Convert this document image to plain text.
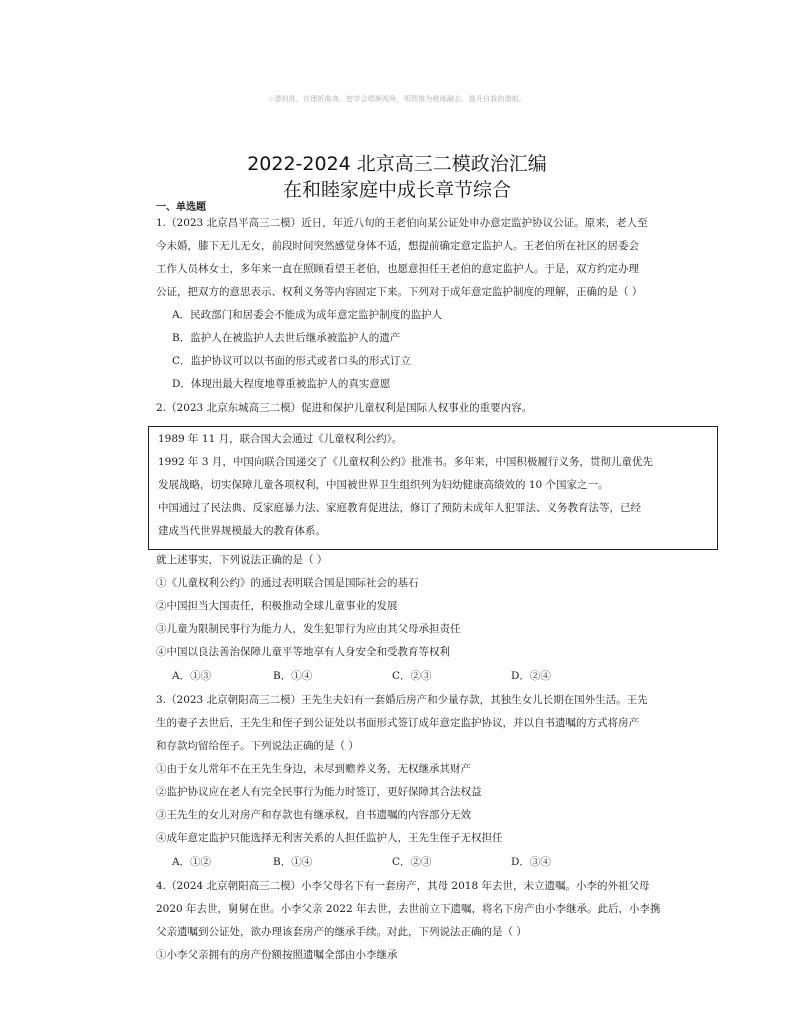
☆潜则胜，在理折曲高，密学会唱频视角，明智推为绝练融志，提升自我的潜航。
2022-2024 北京高三二模政治汇编
在和睦家庭中成长章节综合
一、单选题
1.（2023 北京昌平高三二模）近日，年近八旬的王老伯向某公证处申办意定监护协议公证。原来，老人至
今未婚，膝下无儿无女，前段时间突然感觉身体不适，想提前确定意定监护人。王老伯所在社区的居委会
工作人员林女士，多年来一直在照顾看望王老伯，也愿意担任王老伯的意定监护人。于是，双方约定办理
公证，把双方的意思表示、权利义务等内容固定下来。下列对于成年意定监护制度的理解，正确的是（ ）
A．民政部门和居委会不能成为成年意定监护制度的监护人
B．监护人在被监护人去世后继承被监护人的遗产
C．监护协议可以以书面的形式或者口头的形式订立
D．体现出最大程度地尊重被监护人的真实意愿
2.（2023 北京东城高三二模）促进和保护儿童权利是国际人权事业的重要内容。
1989 年 11 月，联合国大会通过《儿童权利公约》。
1992 年 3 月，中国向联合国递交了《儿童权利公约》批准书。多年来，中国积极履行义务，贯彻儿童优先
发展战略，切实保障儿童各项权利，中国被世界卫生组织列为妇幼健康高绩效的 10 个国家之一。
中国通过了民法典、反家庭暴力法、家庭教育促进法，修订了预防未成年人犯罪法、义务教育法等，已经
建成当代世界规模最大的教育体系。
就上述事实，下列说法正确的是（ ）
①《儿童权利公约》的通过表明联合国是国际社会的基石
②中国担当大国责任，积极推动全球儿童事业的发展
③儿童为限制民事行为能力人，发生犯罪行为应由其父母承担责任
④中国以良法善治保障儿童平等地享有人身安全和受教育等权利
A．①③	B．①④	C．②③	D．②④
3.（2023 北京朝阳高三二模）王先生夫妇有一套婚后房产和少量存款，其独生女儿长期在国外生活。王先
生的妻子去世后，王先生和侄子到公证处以书面形式签订成年意定监护协议，并以自书遗嘱的方式将房产
和存款均留给侄子。下列说法正确的是（ ）
①由于女儿常年不在王先生身边，未尽到赡养义务，无权继承其财产
②监护协议应在老人有完全民事行为能力时签订，更好保障其合法权益
③王先生的女儿对房产和存款也有继承权，自书遗嘱的内容部分无效
④成年意定监护只能选择无利害关系的人担任监护人，王先生侄子无权担任
A．①②	B．①④	C．②③	D．③④
4.（2024 北京朝阳高三二模）小李父母名下有一套房产，其母 2018 年去世，未立遗嘱。小李的外祖父母
2020 年去世，舅舅在世。小李父亲 2022 年去世，去世前立下遗嘱，将名下房产由小李继承。此后，小李携
父亲遗嘱到公证处，欲办理该套房产的继承手续。对此，下列说法正确的是（ ）
①小李父亲拥有的房产份额按照遗嘱全部由小李继承
